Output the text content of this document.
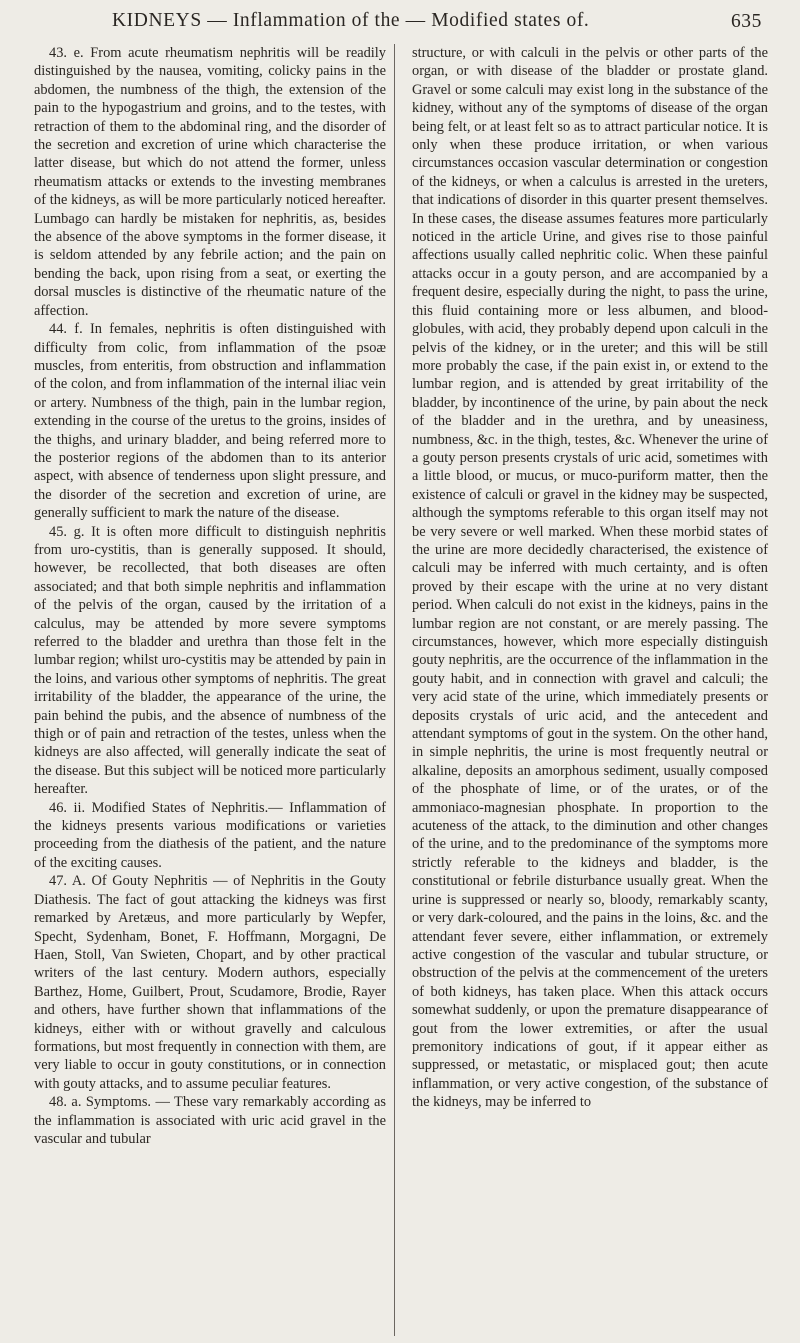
KIDNEYS — Inflammation of the — Modified states of.	635

43. e. From acute rheumatism nephritis will be readily distinguished by the nausea, vomiting, colicky pains in the abdomen, the numbness of the thigh, the extension of the pain to the hypogastrium and groins, and to the testes, with retraction of them to the abdominal ring, and the disorder of the secretion and excretion of urine which characterise the latter disease, but which do not attend the former, unless rheumatism attacks or extends to the investing membranes of the kidneys, as will be more particularly noticed hereafter. Lumbago can hardly be mistaken for nephritis, as, besides the absence of the above symptoms in the former disease, it is seldom attended by any febrile action; and the pain on bending the back, upon rising from a seat, or exerting the dorsal muscles is distinctive of the rheumatic nature of the affection.

44. f. In females, nephritis is often distinguished with difficulty from colic, from inflammation of the psoæ muscles, from enteritis, from obstruction and inflammation of the colon, and from inflammation of the internal iliac vein or artery. Numbness of the thigh, pain in the lumbar region, extending in the course of the uretus to the groins, insides of the thighs, and urinary bladder, and being referred more to the posterior regions of the abdomen than to its anterior aspect, with absence of tenderness upon slight pressure, and the disorder of the secretion and excretion of urine, are generally sufficient to mark the nature of the disease.

45. g. It is often more difficult to distinguish nephritis from uro-cystitis, than is generally supposed. It should, however, be recollected, that both diseases are often associated; and that both simple nephritis and inflammation of the pelvis of the organ, caused by the irritation of a calculus, may be attended by more severe symptoms referred to the bladder and urethra than those felt in the lumbar region; whilst uro-cystitis may be attended by pain in the loins, and various other symptoms of nephritis. The great irritability of the bladder, the appearance of the urine, the pain behind the pubis, and the absence of numbness of the thigh or of pain and retraction of the testes, unless when the kidneys are also affected, will generally indicate the seat of the disease. But this subject will be noticed more particularly hereafter.

46. ii. Modified States of Nephritis.— Inflammation of the kidneys presents various modifications or varieties proceeding from the diathesis of the patient, and the nature of the exciting causes.

47. A. Of Gouty Nephritis — of Nephritis in the Gouty Diathesis. The fact of gout attacking the kidneys was first remarked by Aretæus, and more particularly by Wepfer, Specht, Sydenham, Bonet, F. Hoffmann, Morgagni, De Haen, Stoll, Van Swieten, Chopart, and by other practical writers of the last century. Modern authors, especially Barthez, Home, Guilbert, Prout, Scudamore, Brodie, Rayer and others, have further shown that inflammations of the kidneys, either with or without gravelly and calculous formations, but most frequently in connection with them, are very liable to occur in gouty constitutions, or in connection with gouty attacks, and to assume peculiar features.

48. a. Symptoms. — These vary remarkably according as the inflammation is associated with uric acid gravel in the vascular and tubular

structure, or with calculi in the pelvis or other parts of the organ, or with disease of the bladder or prostate gland. Gravel or some calculi may exist long in the substance of the kidney, without any of the symptoms of disease of the organ being felt, or at least felt so as to attract particular notice. It is only when these produce irritation, or when various circumstances occasion vascular determination or congestion of the kidneys, or when a calculus is arrested in the ureters, that indications of disorder in this quarter present themselves. In these cases, the disease assumes features more particularly noticed in the article Urine, and gives rise to those painful affections usually called nephritic colic. When these painful attacks occur in a gouty person, and are accompanied by a frequent desire, especially during the night, to pass the urine, this fluid containing more or less albumen, and blood-globules, with acid, they probably depend upon calculi in the pelvis of the kidney, or in the ureter; and this will be still more probably the case, if the pain exist in, or extend to the lumbar region, and is attended by great irritability of the bladder, by incontinence of the urine, by pain about the neck of the bladder and in the urethra, and by uneasiness, numbness, &c. in the thigh, testes, &c. Whenever the urine of a gouty person presents crystals of uric acid, sometimes with a little blood, or mucus, or muco-puriform matter, then the existence of calculi or gravel in the kidney may be suspected, although the symptoms referable to this organ itself may not be very severe or well marked. When these morbid states of the urine are more decidedly characterised, the existence of calculi may be inferred with much certainty, and is often proved by their escape with the urine at no very distant period. When calculi do not exist in the kidneys, pains in the lumbar region are not constant, or are merely passing. The circumstances, however, which more especially distinguish gouty nephritis, are the occurrence of the inflammation in the gouty habit, and in connection with gravel and calculi; the very acid state of the urine, which immediately presents or deposits crystals of uric acid, and the antecedent and attendant symptoms of gout in the system. On the other hand, in simple nephritis, the urine is most frequently neutral or alkaline, deposits an amorphous sediment, usually composed of the phosphate of lime, or of the urates, or of the ammoniaco-magnesian phosphate. In proportion to the acuteness of the attack, to the diminution and other changes of the urine, and to the predominance of the symptoms more strictly referable to the kidneys and bladder, is the constitutional or febrile disturbance usually great. When the urine is suppressed or nearly so, bloody, remarkably scanty, or very dark-coloured, and the pains in the loins, &c. and the attendant fever severe, either inflammation, or extremely active congestion of the vascular and tubular structure, or obstruction of the pelvis at the commencement of the ureters of both kidneys, has taken place. When this attack occurs somewhat suddenly, or upon the premature disappearance of gout from the lower extremities, or after the usual premonitory indications of gout, if it appear either as suppressed, or metastatic, or misplaced gout; then acute inflammation, or very active congestion, of the substance of the kidneys, may be inferred to
